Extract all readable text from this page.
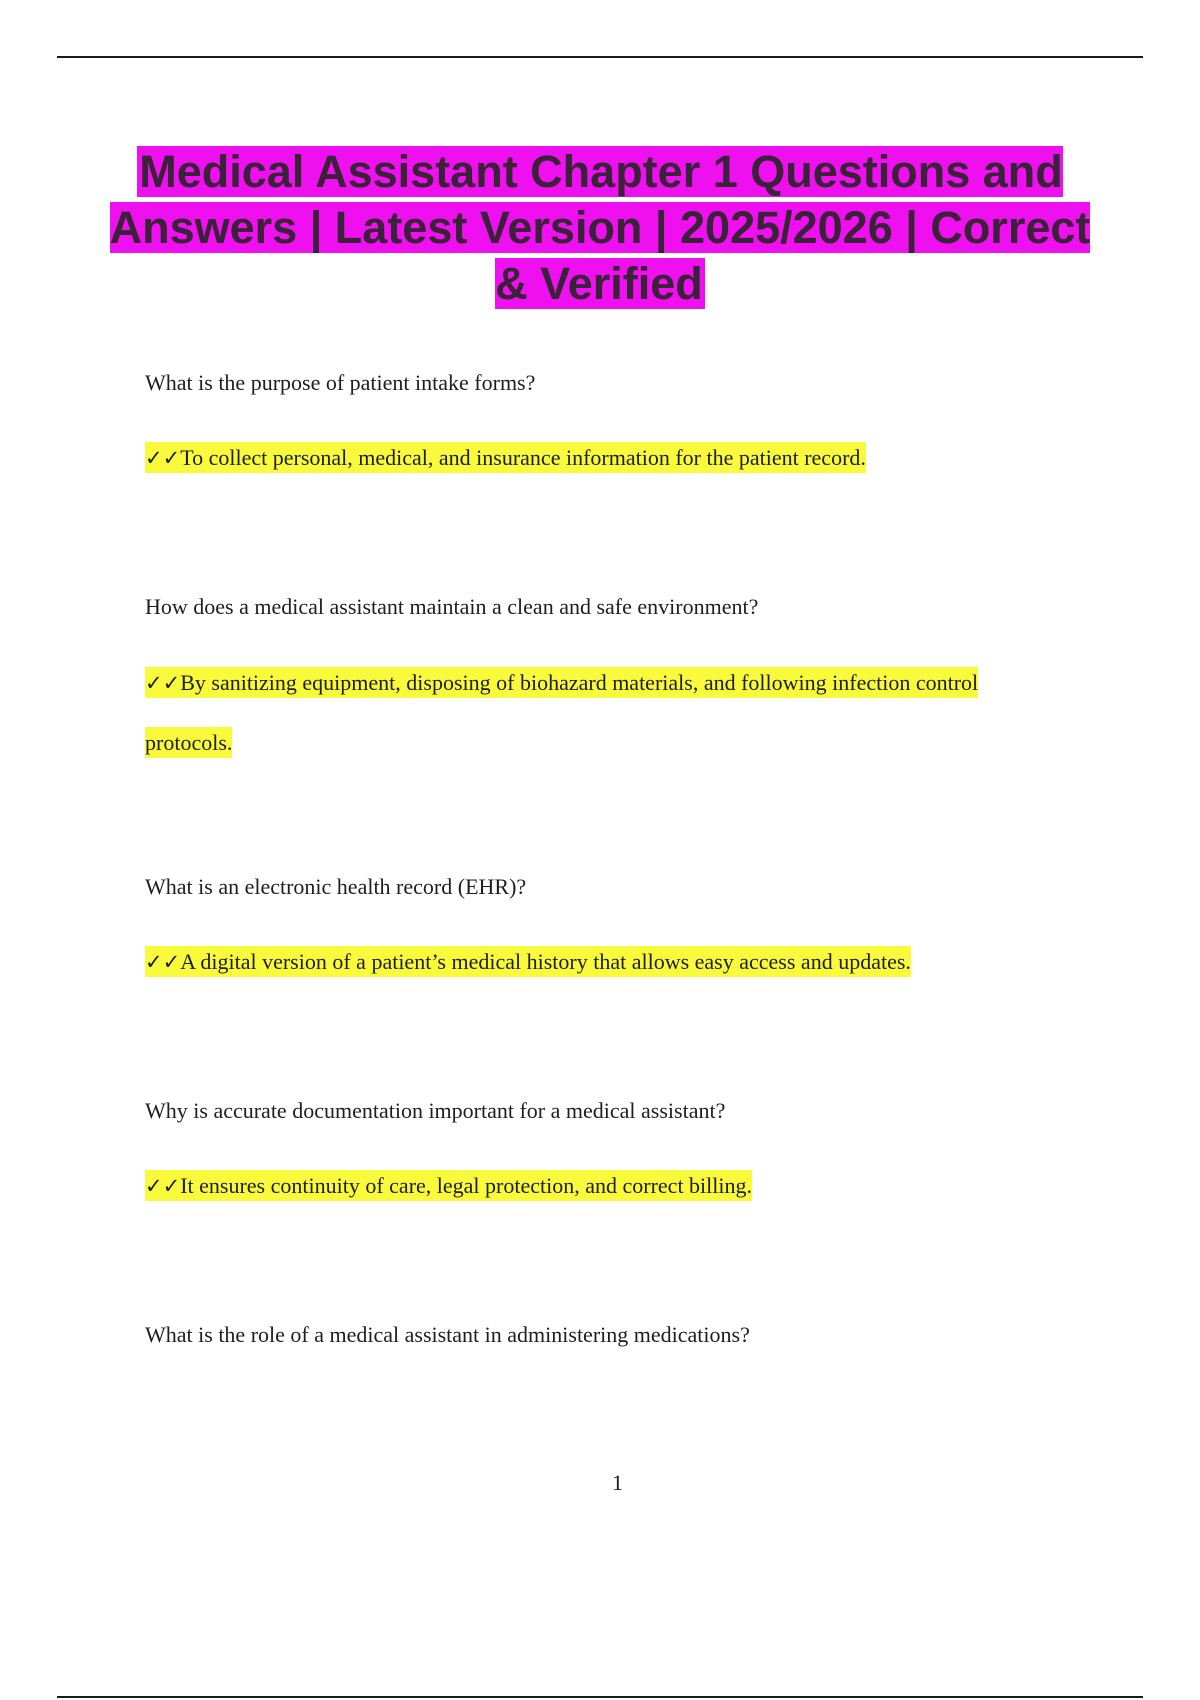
Medical Assistant Chapter 1 Questions and Answers | Latest Version | 2025/2026 | Correct & Verified

What is the purpose of patient intake forms?

✓✓To collect personal, medical, and insurance information for the patient record.

How does a medical assistant maintain a clean and safe environment?

✓✓By sanitizing equipment, disposing of biohazard materials, and following infection control protocols.

What is an electronic health record (EHR)?

✓✓A digital version of a patient’s medical history that allows easy access and updates.

Why is accurate documentation important for a medical assistant?

✓✓It ensures continuity of care, legal protection, and correct billing.

What is the role of a medical assistant in administering medications?

1
